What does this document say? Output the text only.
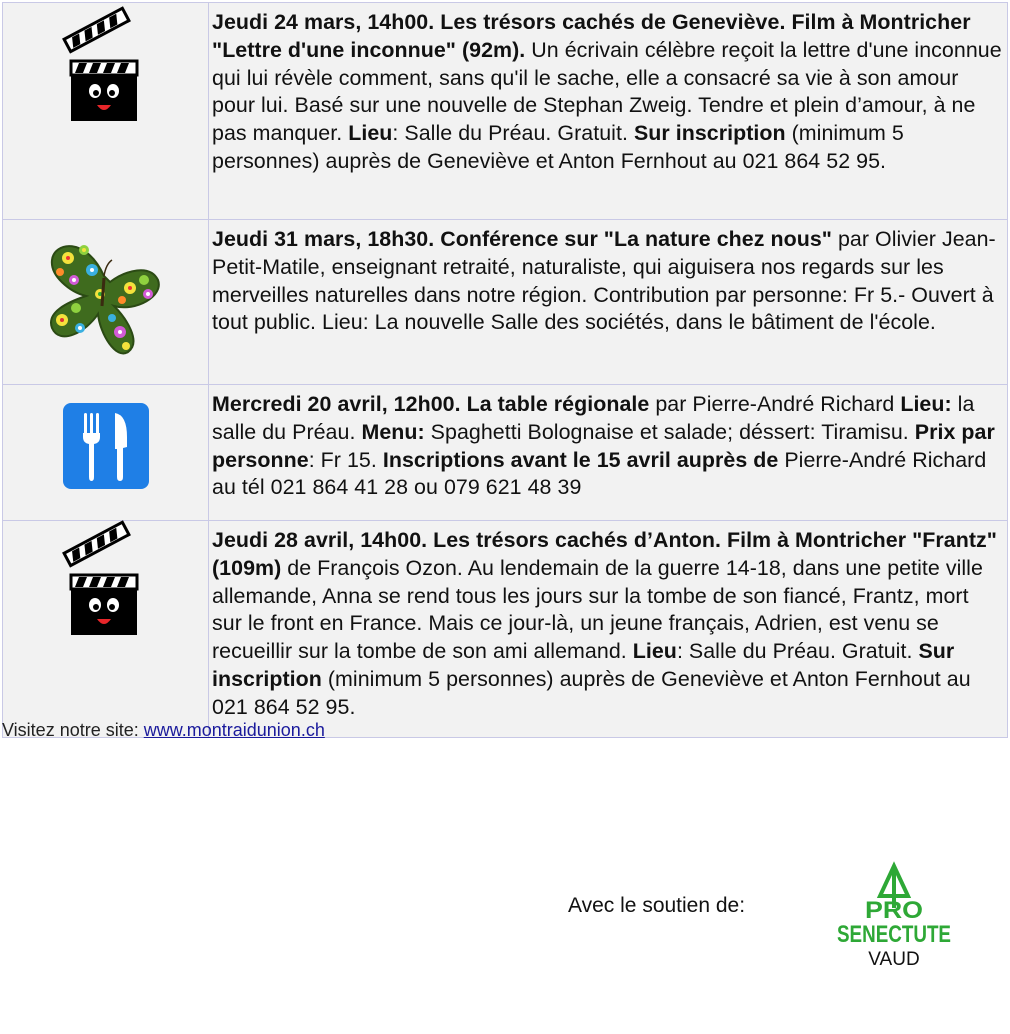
	Jeudi 24 mars, 14h00. Les trésors cachés de Geneviève. Film à Montricher "Lettre d'une inconnue" (92m). Un écrivain célèbre reçoit la lettre d'une inconnue qui lui révèle comment, sans qu'il le sache, elle a consacré sa vie à son amour pour lui. Basé sur une nouvelle de Stephan Zweig. Tendre et plein d’amour, à ne pas manquer. Lieu: Salle du Préau. Gratuit. Sur inscription (minimum 5 personnes) auprès de Geneviève et Anton Fernhout au 021 864 52 95.

	Jeudi 31 mars, 18h30. Conférence sur "La nature chez nous" par Olivier Jean-Petit-Matile, enseignant retraité, naturaliste, qui aiguisera nos regards sur les merveilles naturelles dans notre région. Contribution par personne: Fr 5.- Ouvert à tout public. Lieu: La nouvelle Salle des sociétés, dans le bâtiment de l'école.

	Mercredi 20 avril, 12h00. La table régionale par Pierre-André Richard Lieu: la salle du Préau. Menu: Spaghetti Bolognaise et salade; déssert: Tiramisu. Prix par personne: Fr 15. Inscriptions avant le 15 avril auprès de Pierre-André Richard au tél 021 864 41 28 ou 079 621 48 39

	Jeudi 28 avril, 14h00. Les trésors cachés d’Anton. Film à Montricher "Frantz" (109m) de François Ozon. Au lendemain de la guerre 14-18, dans une petite ville allemande, Anna se rend tous les jours sur la tombe de son fiancé, Frantz, mort sur le front en France. Mais ce jour-là, un jeune français, Adrien, est venu se recueillir sur la tombe de son ami allemand. Lieu: Salle du Préau. Gratuit. Sur inscription (minimum 5 personnes) auprès de Geneviève et Anton Fernhout au 021 864 52 95.
Visitez notre site: www.montraidunion.ch
Avec le soutien de:	PRO
SENECTUTE
VAUD
